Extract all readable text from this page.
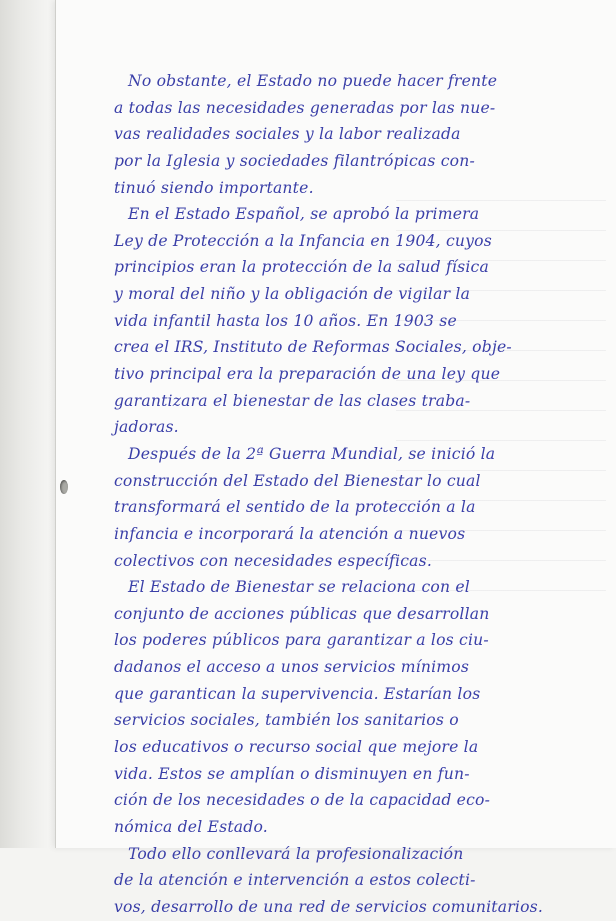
No obstante, el Estado no puede hacer frente
a todas las necesidades generadas por las nue-
vas realidades sociales y la labor realizada
por la Iglesia y sociedades filantrópicas con-
tinuó siendo importante.
En el Estado Español, se aprobó la primera
Ley de Protección a la Infancia en 1904, cuyos
principios eran la protección de la salud física
y moral del niño y la obligación de vigilar la
vida infantil hasta los 10 años. En 1903 se
crea el IRS, Instituto de Reformas Sociales, obje-
tivo principal era la preparación de una ley que
garantizara el bienestar de las clases traba-
jadoras.
Después de la 2ª Guerra Mundial, se inició la
construcción del Estado del Bienestar lo cual
transformará el sentido de la protección a la
infancia e incorporará la atención a nuevos
colectivos con necesidades específicas.
El Estado de Bienestar se relaciona con el
conjunto de acciones públicas que desarrollan
los poderes públicos para garantizar a los ciu-
dadanos el acceso a unos servicios mínimos
que garantican la supervivencia. Estarían los
servicios sociales, también los sanitarios o
los educativos o recurso social que mejore la
vida. Estos se amplían o disminuyen en fun-
ción de los necesidades o de la capacidad eco-
nómica del Estado.
Todo ello conllevará la profesionalización
de la atención e intervención a estos colecti-
vos, desarrollo de una red de servicios comunitarios.
